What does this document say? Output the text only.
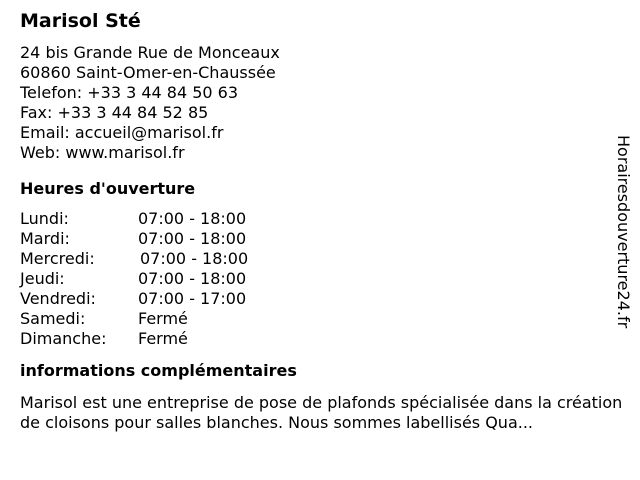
Marisol Sté
24 bis Grande Rue de Monceaux
60860 Saint-Omer-en-Chaussée
Telefon: +33 3 44 84 50 63
Fax: +33 3 44 84 52 85
Email: accueil@marisol.fr
Web: www.marisol.fr
Heures d'ouverture
Lundi:	07:00 - 18:00
Mardi:	07:00 - 18:00
Mercredi:	07:00 - 18:00
Jeudi:	07:00 - 18:00
Vendredi:	07:00 - 17:00
Samedi:	Fermé
Dimanche:	Fermé
informations complémentaires
Marisol est une entreprise de pose de plafonds spécialisée dans la création de cloisons pour salles blanches. Nous sommes labellisés Qua...
Horairesdouverture24.fr
